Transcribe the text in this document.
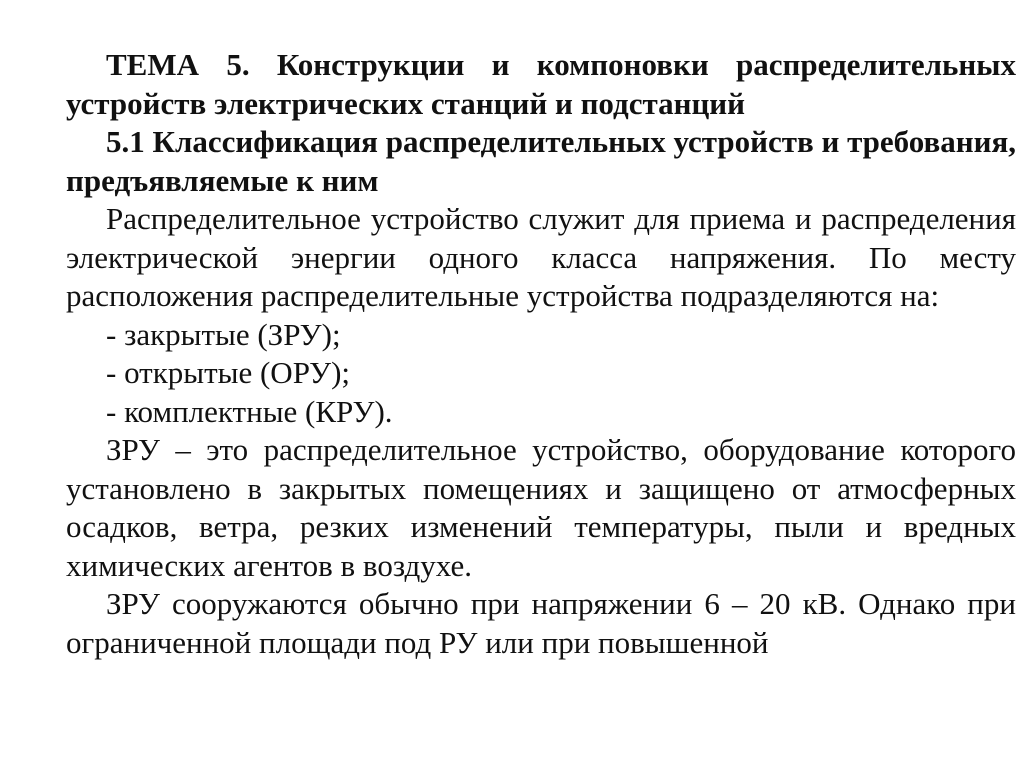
ТЕМА 5. Конструкции и компоновки распределительных устройств электрических станций и подстанций

5.1 Классификация распределительных устройств и требования, предъявляемые к ним

Распределительное устройство служит для приема и распределения электрической энергии одного класса напряжения. По месту расположения распределительные устройства подразделяются на:

- закрытые (ЗРУ);

- открытые (ОРУ);

- комплектные (КРУ).

ЗРУ – это распределительное устройство, оборудование которого установлено в закрытых помещениях и защищено от атмосферных осадков, ветра, резких изменений температуры, пыли и вредных химических агентов в воздухе.

ЗРУ сооружаются обычно при напряжении 6 – 20 кВ. Однако при ограниченной площади под РУ или при повышенной
